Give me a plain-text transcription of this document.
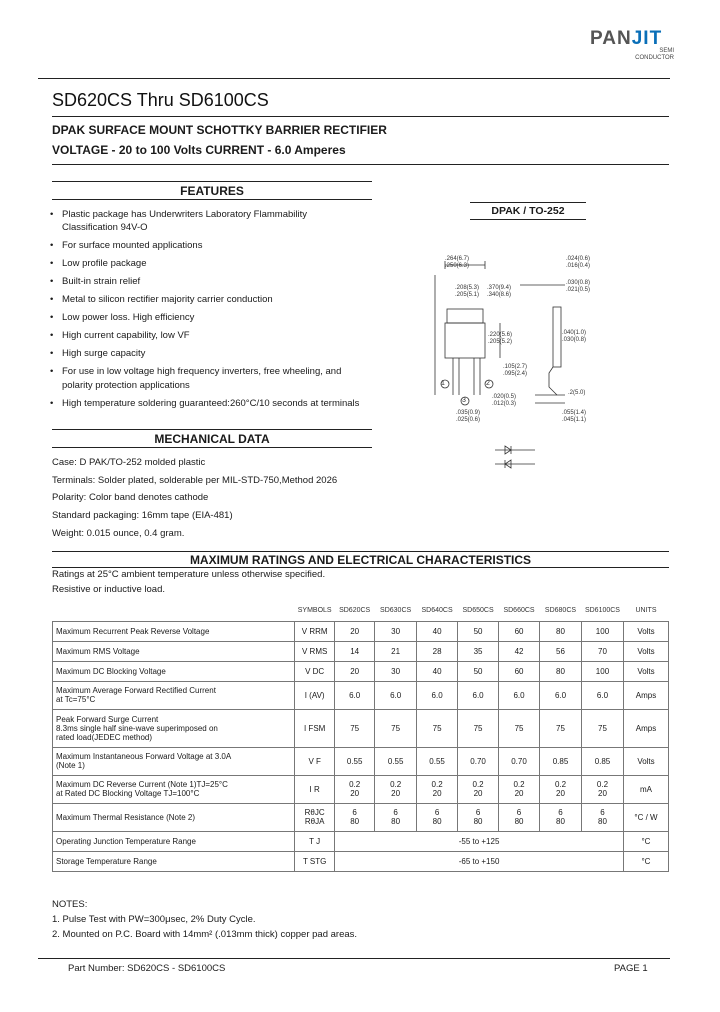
PANJIT
SEMI
CONDUCTOR
SD620CS Thru SD6100CS
DPAK SURFACE MOUNT SCHOTTKY BARRIER RECTIFIER
VOLTAGE - 20 to 100 Volts CURRENT - 6.0 Amperes
FEATURES
• Plastic package has Underwriters Laboratory Flammability
Classification 94V-O
• For surface mounted applications
• Low profile package
• Built-in strain relief
• Metal to silicon rectifier majority carrier conduction
• Low power loss. High efficiency
• High current capability, low VF
• High surge capacity
• For use in low voltage high frequency inverters, free wheeling, and
polarity protection applications
• High temperature soldering guaranteed:260°C/10 seconds at terminals
DPAK / TO-252
.264(6.7)
.250(6.3)
.208(5.3)
.205(5.1)
.370(9.4)
.340(8.6)
.220(5.6)
.205(5.2)
.105(2.7)
.095(2.4)
.020(0.5)
.012(0.3)
.035(0.9)
.025(0.6)
.055(1.4)
.045(1.1)
.024(0.6)
.016(0.4)
.030(0.8)
.021(0.5)
.2(5.0)
.040(1.0)
.030(0.8)
1	2
3
MECHANICAL DATA
Case: D PAK/TO-252 molded plastic
Terminals: Solder plated, solderable per MIL-STD-750,Method 2026
Polarity: Color band denotes cathode
Standard packaging: 16mm tape (EIA-481)
Weight: 0.015 ounce, 0.4 gram.
MAXIMUM RATINGS AND ELECTRICAL CHARACTERISTICS
Ratings at 25°C ambient temperature unless otherwise specified.
Resistive or inductive load.
	SYMBOLS	SD620CS	SD630CS	SD640CS	SD650CS	SD660CS	SD680CS	SD6100CS	UNITS
Maximum Recurrent Peak Reverse Voltage	V RRM	20	30	40	50	60	80	100	Volts
Maximum RMS Voltage	V RMS	14	21	28	35	42	56	70	Volts
Maximum DC Blocking Voltage	V DC	20	30	40	50	60	80	100	Volts
Maximum Average Forward Rectified Current
at Tc=75°C	I (AV)	6.0	6.0	6.0	6.0	6.0	6.0	6.0	Amps
Peak Forward Surge Current
8.3ms single half sine-wave superimposed on
rated load(JEDEC method)	I FSM	75	75	75	75	75	75	75	Amps
Maximum Instantaneous Forward Voltage at 3.0A
(Note 1)	V F	0.55	0.55	0.55	0.70	0.70	0.85	0.85	Volts
Maximum DC Reverse Current (Note 1)TJ=25°C
at Rated DC Blocking Voltage TJ=100°C	I R	0.2
20	0.2
20	0.2
20	0.2
20	0.2
20	0.2
20	0.2
20	mA
Maximum Thermal Resistance (Note 2)	RθJC
RθJA	6
80	6
80	6
80	6
80	6
80	6
80	6
80	°C / W
Operating Junction Temperature Range	T J	-55 to +125							°C
Storage Temperature Range	T STG	-65 to +150							°C
NOTES:
1. Pulse Test with PW=300μsec, 2% Duty Cycle.
2. Mounted on P.C. Board with 14mm² (.013mm thick) copper pad areas.
Part Number: SD620CS - SD6100CS	PAGE 1
